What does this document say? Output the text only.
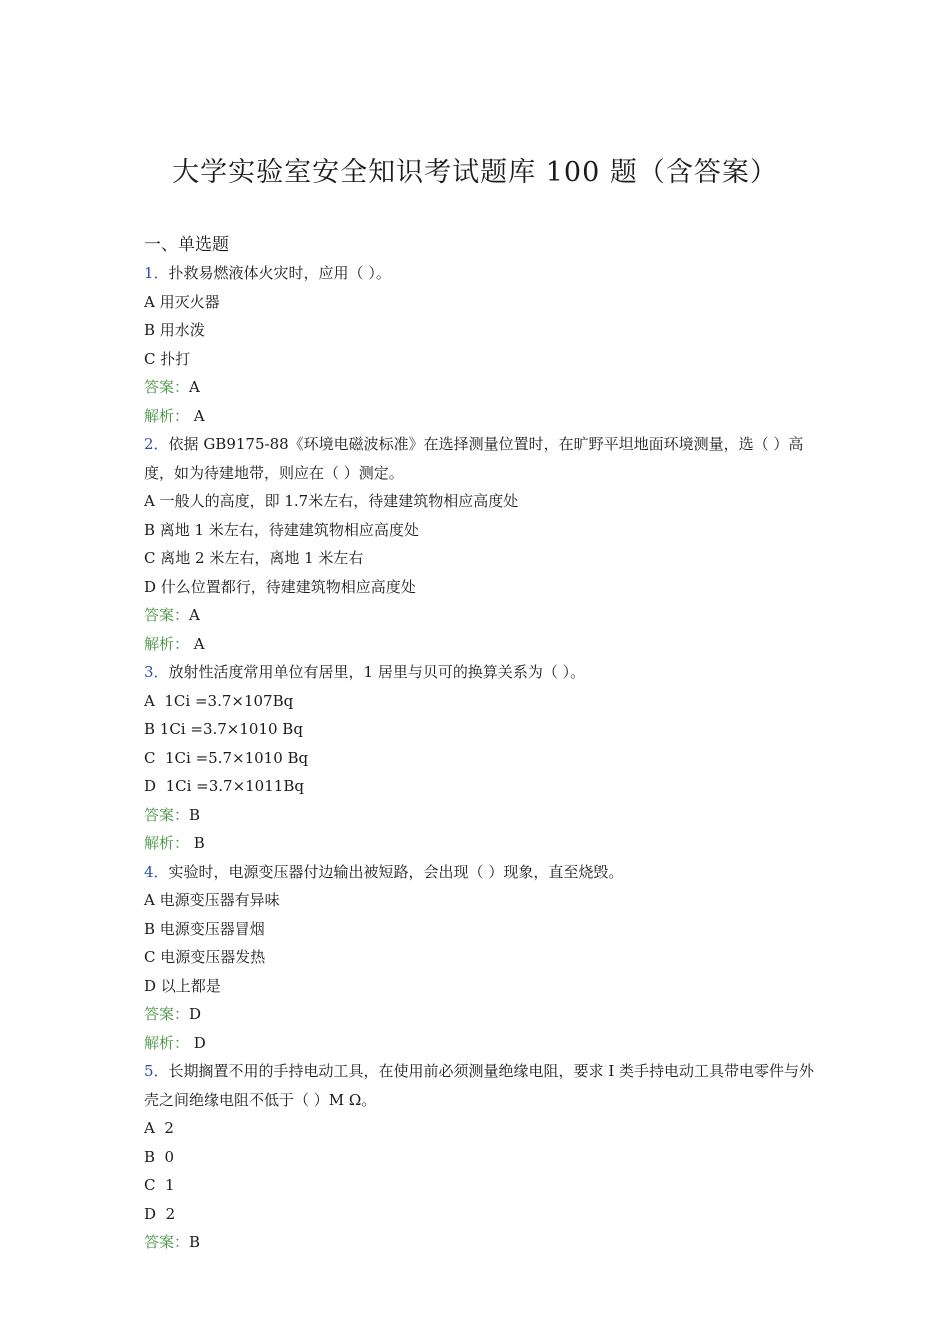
大学实验室安全知识考试题库 100 题（含答案）
一、单选题
1．扑救易燃液体火灾时，应用（ ）。
A 用灭火器
B 用水泼
C 扑打
答案：A
解析： A
2．依据 GB9175-88《环境电磁波标准》在选择测量位置时，在旷野平坦地面环境测量，选（ ）高度，如为待建地带，则应在（ ）测定。
A 一般人的高度，即 1.7米左右，待建建筑物相应高度处
B 离地 1 米左右，待建建筑物相应高度处
C 离地 2 米左右，离地 1 米左右
D 什么位置都行，待建建筑物相应高度处
答案：A
解析： A
3．放射性活度常用单位有居里，1 居里与贝可的换算关系为（ ）。
A  1Ci =3.7×107Bq
B 1Ci =3.7×1010 Bq
C  1Ci =5.7×1010 Bq
D  1Ci =3.7×1011Bq
答案：B
解析： B
4．实验时，电源变压器付边输出被短路，会出现（ ）现象，直至烧毁。
A 电源变压器有异味
B 电源变压器冒烟
C 电源变压器发热
D 以上都是
答案：D
解析： D
5．长期搁置不用的手持电动工具，在使用前必须测量绝缘电阻，要求 I 类手持电动工具带电零件与外壳之间绝缘电阻不低于（ ）M Ω。
A  2
B  0
C  1
D  2
答案：B
